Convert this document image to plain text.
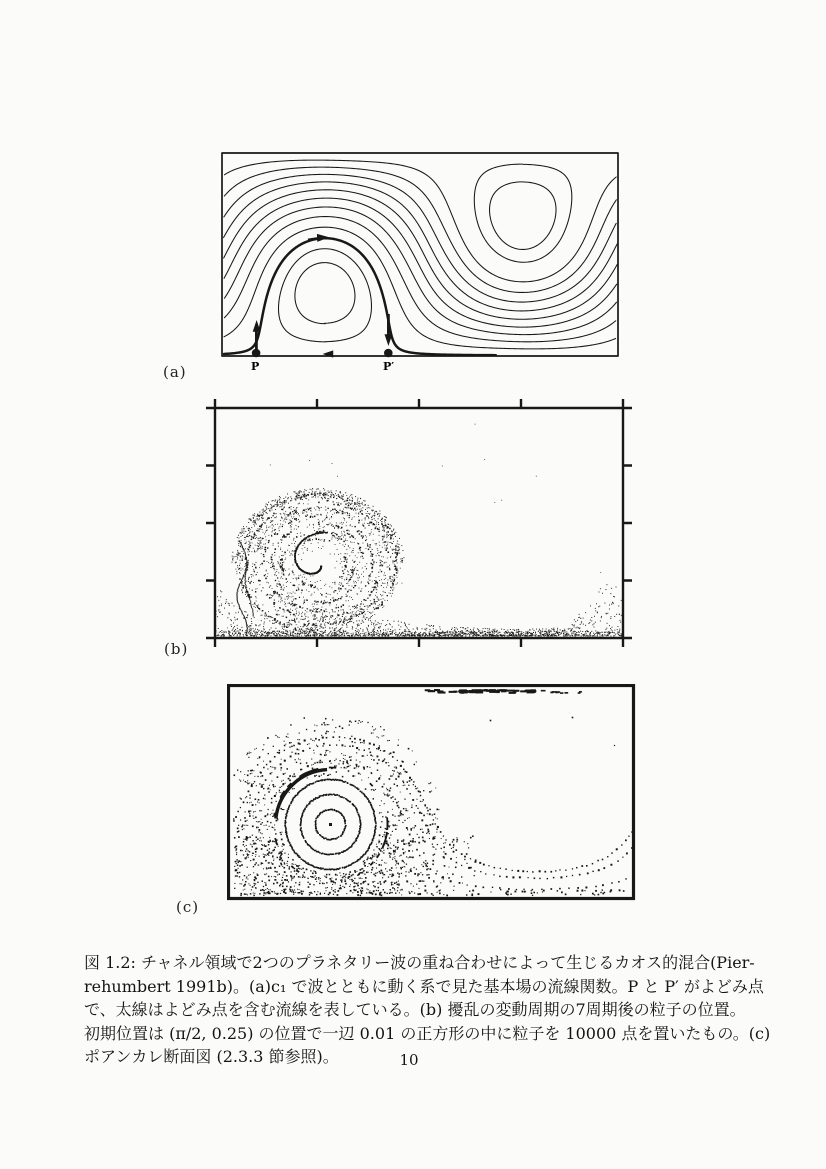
P	P′
(a)
(b)
(c)
図 1.2: チャネル領域で2つのプラネタリー波の重ね合わせによって生じるカオス的混合(Pier-
rehumbert 1991b)。(a)c₁ で波とともに動く系で見た基本場の流線関数。P と P′ がよどみ点
で、太線はよどみ点を含む流線を表している。(b) 擾乱の変動周期の7周期後の粒子の位置。
初期位置は (π/2, 0.25) の位置で一辺 0.01 の正方形の中に粒子を 10000 点を置いたもの。(c)
ポアンカレ断面図 (2.3.3 節参照)。	10
